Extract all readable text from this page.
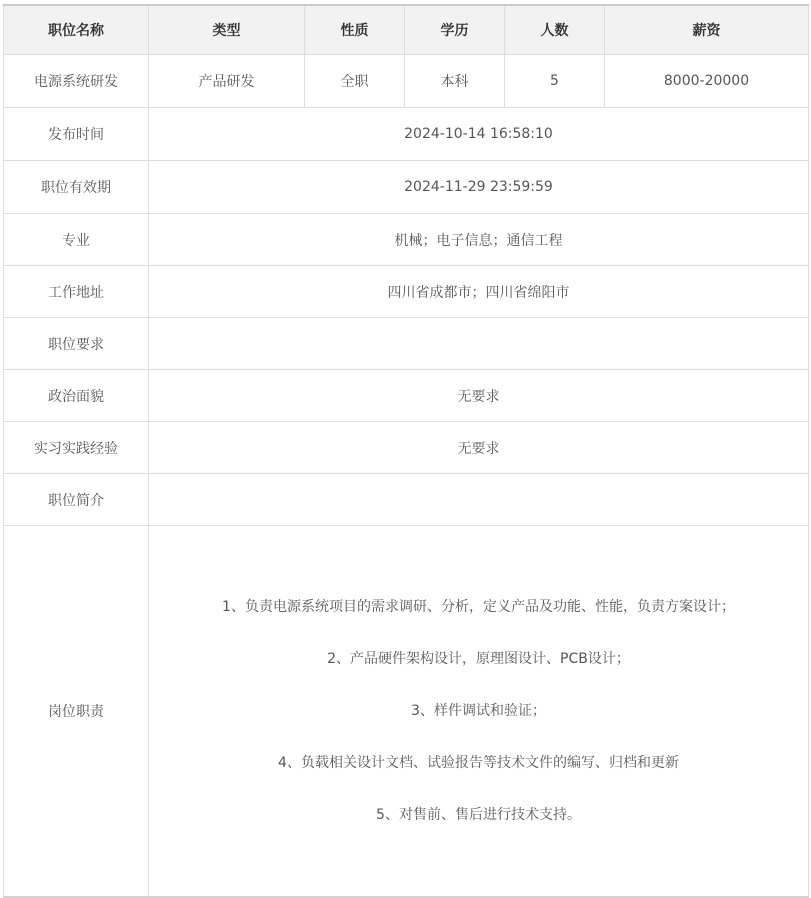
职位名称	类型	性质	学历	人数	薪资
电源系统研发	产品研发	全职	本科	5	8000-20000
发布时间	2024-10-14 16:58:10				
职位有效期	2024-11-29 23:59:59				
专业	机械；电子信息；通信工程				
工作地址	四川省成都市；四川省绵阳市				
职位要求					
政治面貌	无要求				
实习实践经验	无要求				
职位简介					
岗位职责	1、负责电源系统项目的需求调研、分析，定义产品及功能、性能，负责方案设计；

2、产品硬件架构设计，原理图设计、PCB设计；

3、样件调试和验证；

4、负载相关设计文档、试验报告等技术文件的编写、归档和更新

5、对售前、售后进行技术支持。				
